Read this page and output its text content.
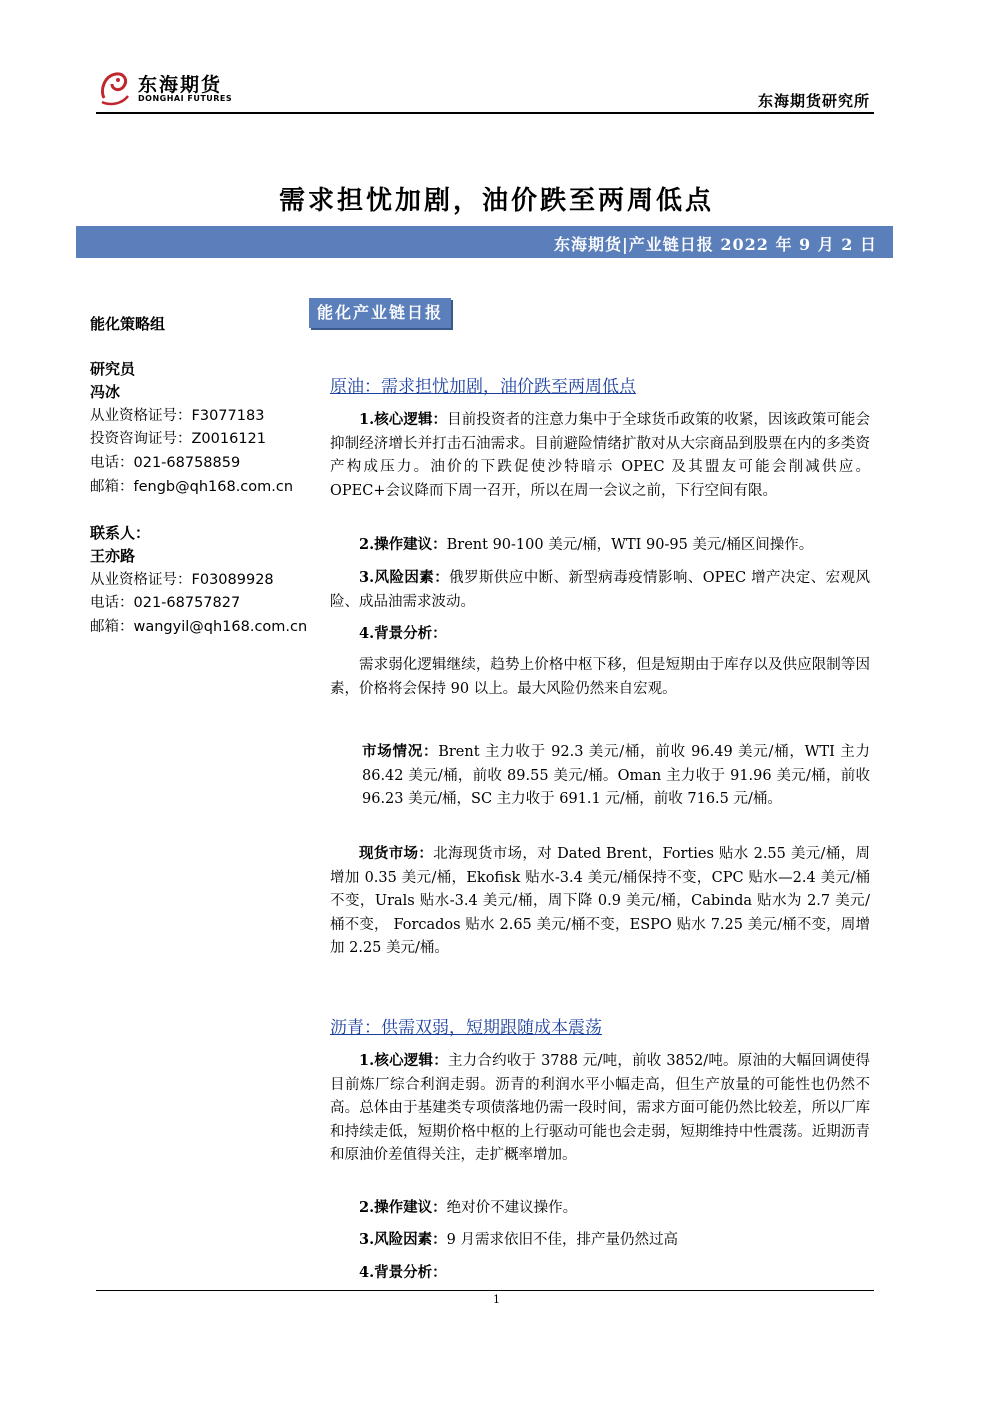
东海期货
DONGHAI FUTURES	东海期货研究所
需求担忧加剧，油价跌至两周低点
东海期货|产业链日报 2022 年 9 月 2 日
能化策略组
研究员
冯冰
从业资格证号：F3077183
投资咨询证号：Z0016121
电话：021-68758859
邮箱：fengb@qh168.com.cn
联系人：
王亦路
从业资格证号：F03089928
电话：021-68757827
邮箱：wangyil@qh168.com.cn
能化产业链日报
原油：需求担忧加剧，油价跌至两周低点
1.核心逻辑：目前投资者的注意力集中于全球货币政策的收紧，因该政策可能会抑制经济增长并打击石油需求。目前避险情绪扩散对从大宗商品到股票在内的多类资产构成压力。油价的下跌促使沙特暗示 OPEC 及其盟友可能会削减供应。OPEC+会议降而下周一召开，所以在周一会议之前，下行空间有限。
2.操作建议：Brent 90-100 美元/桶，WTI 90-95 美元/桶区间操作。
3.风险因素：俄罗斯供应中断、新型病毒疫情影响、OPEC 增产决定、宏观风险、成品油需求波动。
4.背景分析：
需求弱化逻辑继续，趋势上价格中枢下移，但是短期由于库存以及供应限制等因素，价格将会保持 90 以上。最大风险仍然来自宏观。
市场情况：Brent 主力收于 92.3 美元/桶，前收 96.49 美元/桶，WTI 主力 86.42 美元/桶，前收 89.55 美元/桶。Oman 主力收于 91.96 美元/桶，前收 96.23 美元/桶，SC 主力收于 691.1 元/桶，前收 716.5 元/桶。
现货市场：北海现货市场，对 Dated Brent，Forties 贴水 2.55 美元/桶，周增加 0.35 美元/桶，Ekofisk 贴水-3.4 美元/桶保持不变，CPC 贴水—2.4 美元/桶不变，Urals 贴水-3.4 美元/桶，周下降 0.9 美元/桶，Cabinda 贴水为 2.7 美元/桶不变， Forcados 贴水 2.65 美元/桶不变，ESPO 贴水 7.25 美元/桶不变，周增加 2.25 美元/桶。
沥青：供需双弱，短期跟随成本震荡
1.核心逻辑：主力合约收于 3788 元/吨，前收 3852/吨。原油的大幅回调使得目前炼厂综合利润走弱。沥青的利润水平小幅走高，但生产放量的可能性也仍然不高。总体由于基建类专项债落地仍需一段时间，需求方面可能仍然比较差，所以厂库和持续走低，短期价格中枢的上行驱动可能也会走弱，短期维持中性震荡。近期沥青和原油价差值得关注，走扩概率增加。
2.操作建议：绝对价不建议操作。
3.风险因素：9 月需求依旧不佳，排产量仍然过高
4.背景分析：
1
